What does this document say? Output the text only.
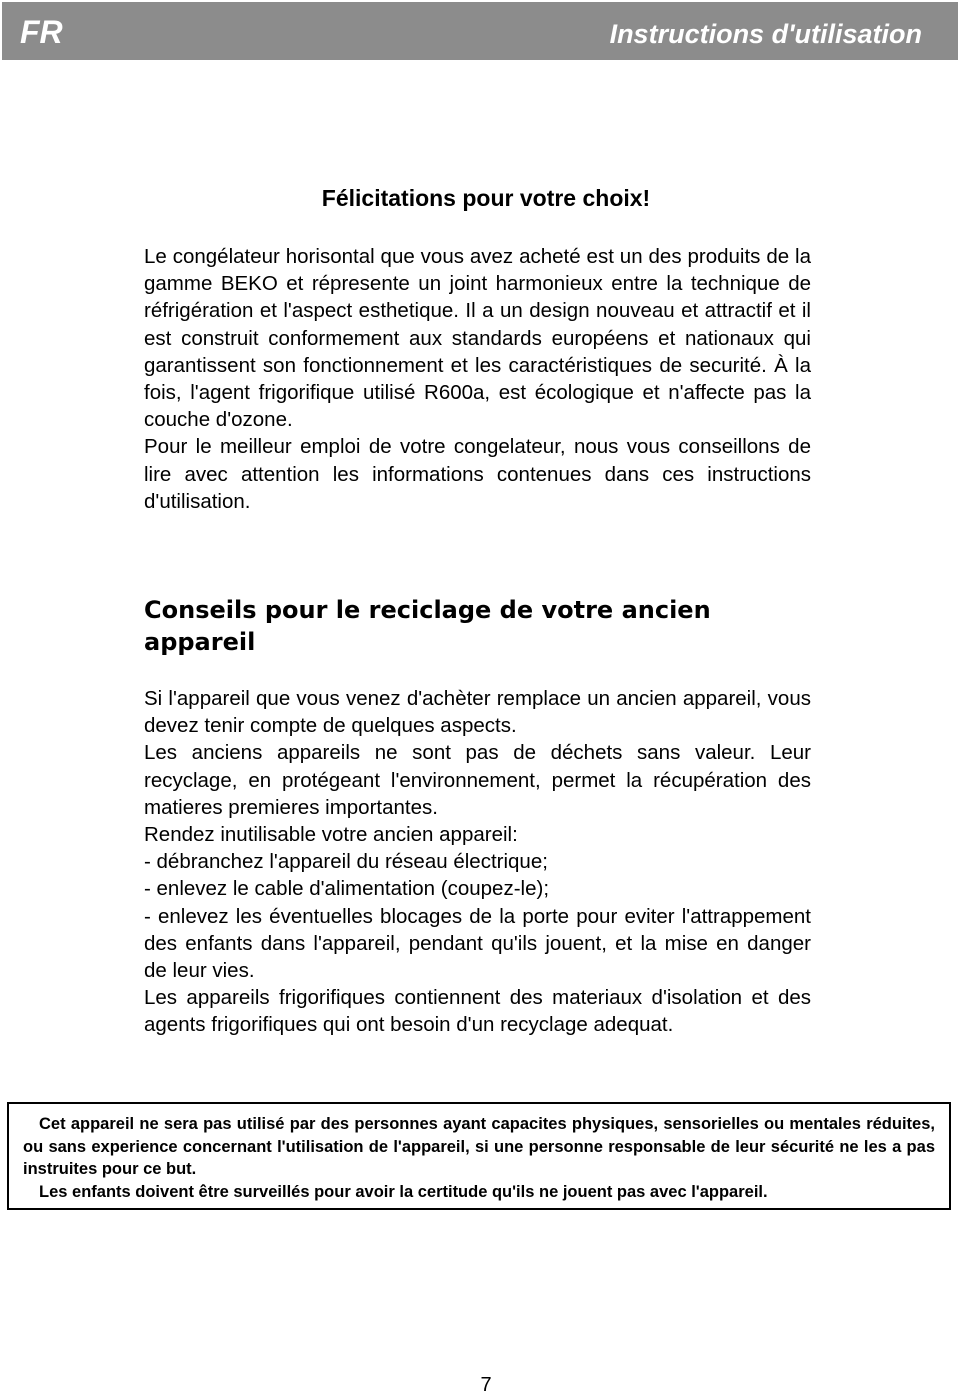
FR	Instructions d'utilisation
Félicitations pour votre choix!

Le congélateur horisontal que vous avez acheté est un des produits de la gamme BEKO et répresente un joint harmonieux entre la technique de réfrigération et l'aspect esthetique. Il a un design nouveau et attractif et il est construit conformement aux standards européens et nationaux qui garantissent son fonctionnement et les caractéristiques de securité. À la fois, l'agent frigorifique utilisé R600a, est écologique et n'affecte pas la couche d'ozone.

Pour le meilleur emploi de votre congelateur, nous vous conseillons de lire avec attention les informations contenues dans ces instructions d'utilisation.

Conseils pour le reciclage de votre ancien appareil

Si l'appareil que vous venez d'achèter remplace un ancien appareil, vous devez tenir compte de quelques aspects.

Les anciens appareils ne sont pas de déchets sans valeur. Leur recyclage, en protégeant l'environnement, permet la récupération des matieres premieres importantes.

Rendez inutilisable votre ancien appareil:

- débranchez l'appareil du réseau électrique;

- enlevez le cable d'alimentation (coupez-le);

- enlevez les éventuelles blocages de la porte pour eviter l'attrappement des enfants dans l'appareil, pendant qu'ils jouent, et la mise en danger de leur vies.

Les appareils frigorifiques contiennent des materiaux d'isolation et des agents frigorifiques qui ont besoin d'un recyclage adequat.

Cet appareil ne sera pas utilisé par des personnes ayant capacites physiques, sensorielles ou mentales réduites, ou sans experience concernant l'utilisation de l'appareil, si une personne responsable de leur sécurité ne les a pas instruites pour ce but.

Les enfants doivent être surveillés pour avoir la certitude qu'ils ne jouent pas avec l'appareil.

7
